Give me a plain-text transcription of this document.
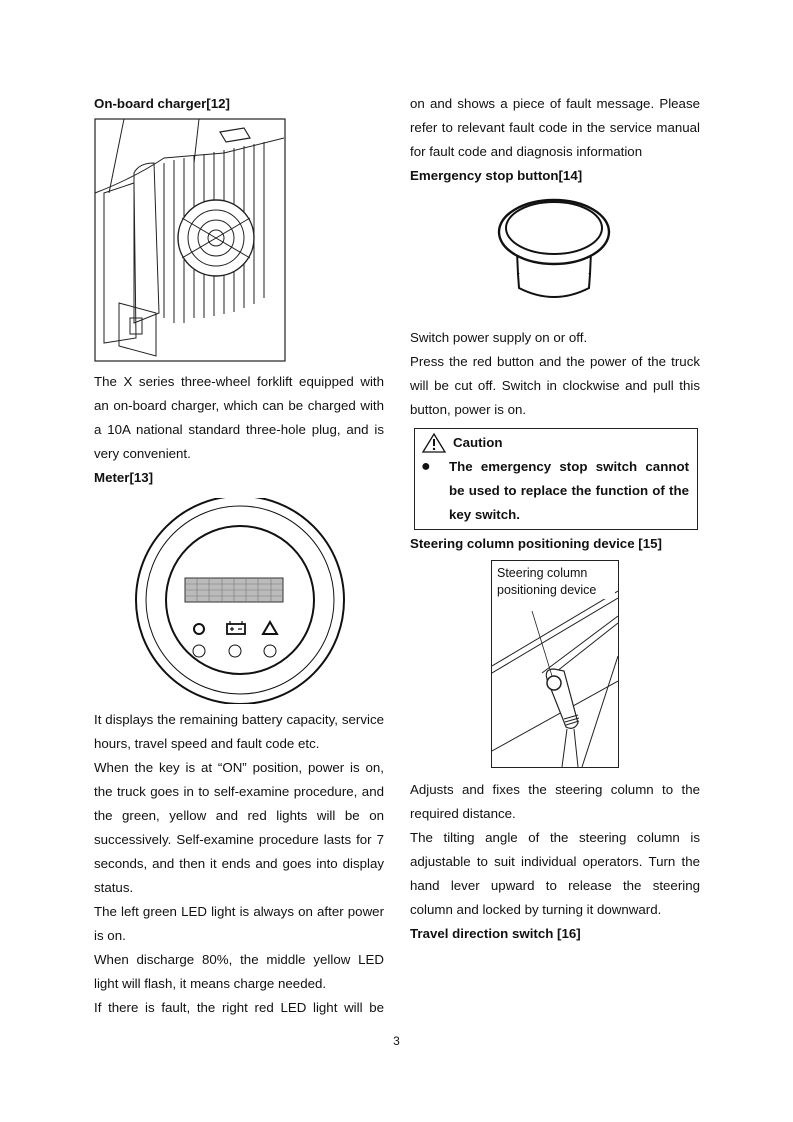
On-board charger[12]
The X series three-wheel forklift equipped with an on-board charger, which can be charged with a 10A national standard three-hole plug, and is very convenient.
Meter[13]
It displays the remaining battery capacity, service hours, travel speed and fault code etc.
When the key is at “ON” position, power is on, the truck goes in to self-examine procedure, and the green, yellow and red lights will be on successively. Self-examine procedure lasts for 7 seconds, and then it ends and goes into display status.
The left green LED light is always on after power is on.
When discharge 80%, the middle yellow LED light will flash, it means charge needed.
If there is fault, the right red LED light will be
on and shows a piece of fault message. Please refer to relevant fault code in the service manual for fault code and diagnosis information
Emergency stop button[14]
Switch power supply on or off.
Press the red button and the power of the truck will be cut off. Switch in clockwise and pull this button, power is on.
Caution
●	The emergency stop switch cannot be used to replace the function of the key switch.
Steering column positioning device [15]
Steering column positioning device
Adjusts and fixes the steering column to the required distance.
The tilting angle of the steering column is adjustable to suit individual operators. Turn the hand lever upward to release the steering column and locked by turning it downward.
Travel direction switch [16]
3
